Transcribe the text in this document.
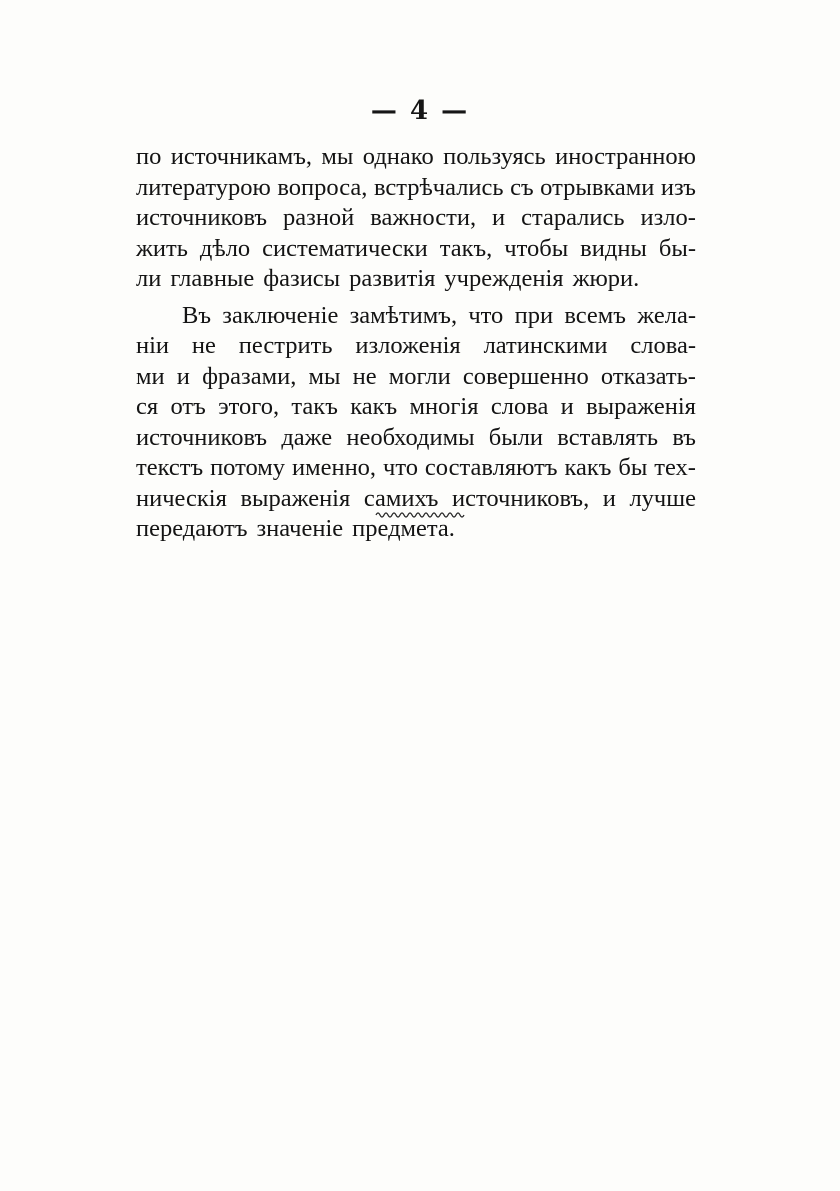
— 4 —
по источникамъ, мы однако пользуясь иностранною
литературою вопроса, встрѣчались съ отрывками изъ
источниковъ разной важности, и старались изло-
жить дѣло систематически такъ, чтобы видны бы-
ли главные фазисы развитія учрежденія жюри.
Въ заключеніе замѣтимъ, что при всемъ жела-
ніи не пестрить изложенія латинскими слова-
ми и фразами, мы не могли совершенно отказать-
ся отъ этого, такъ какъ многія слова и выраженія
источниковъ даже необходимы были вставлять въ
текстъ потому именно, что составляютъ какъ бы тех-
ническія выраженія самихъ источниковъ, и лучше
передаютъ значеніе предмета.
